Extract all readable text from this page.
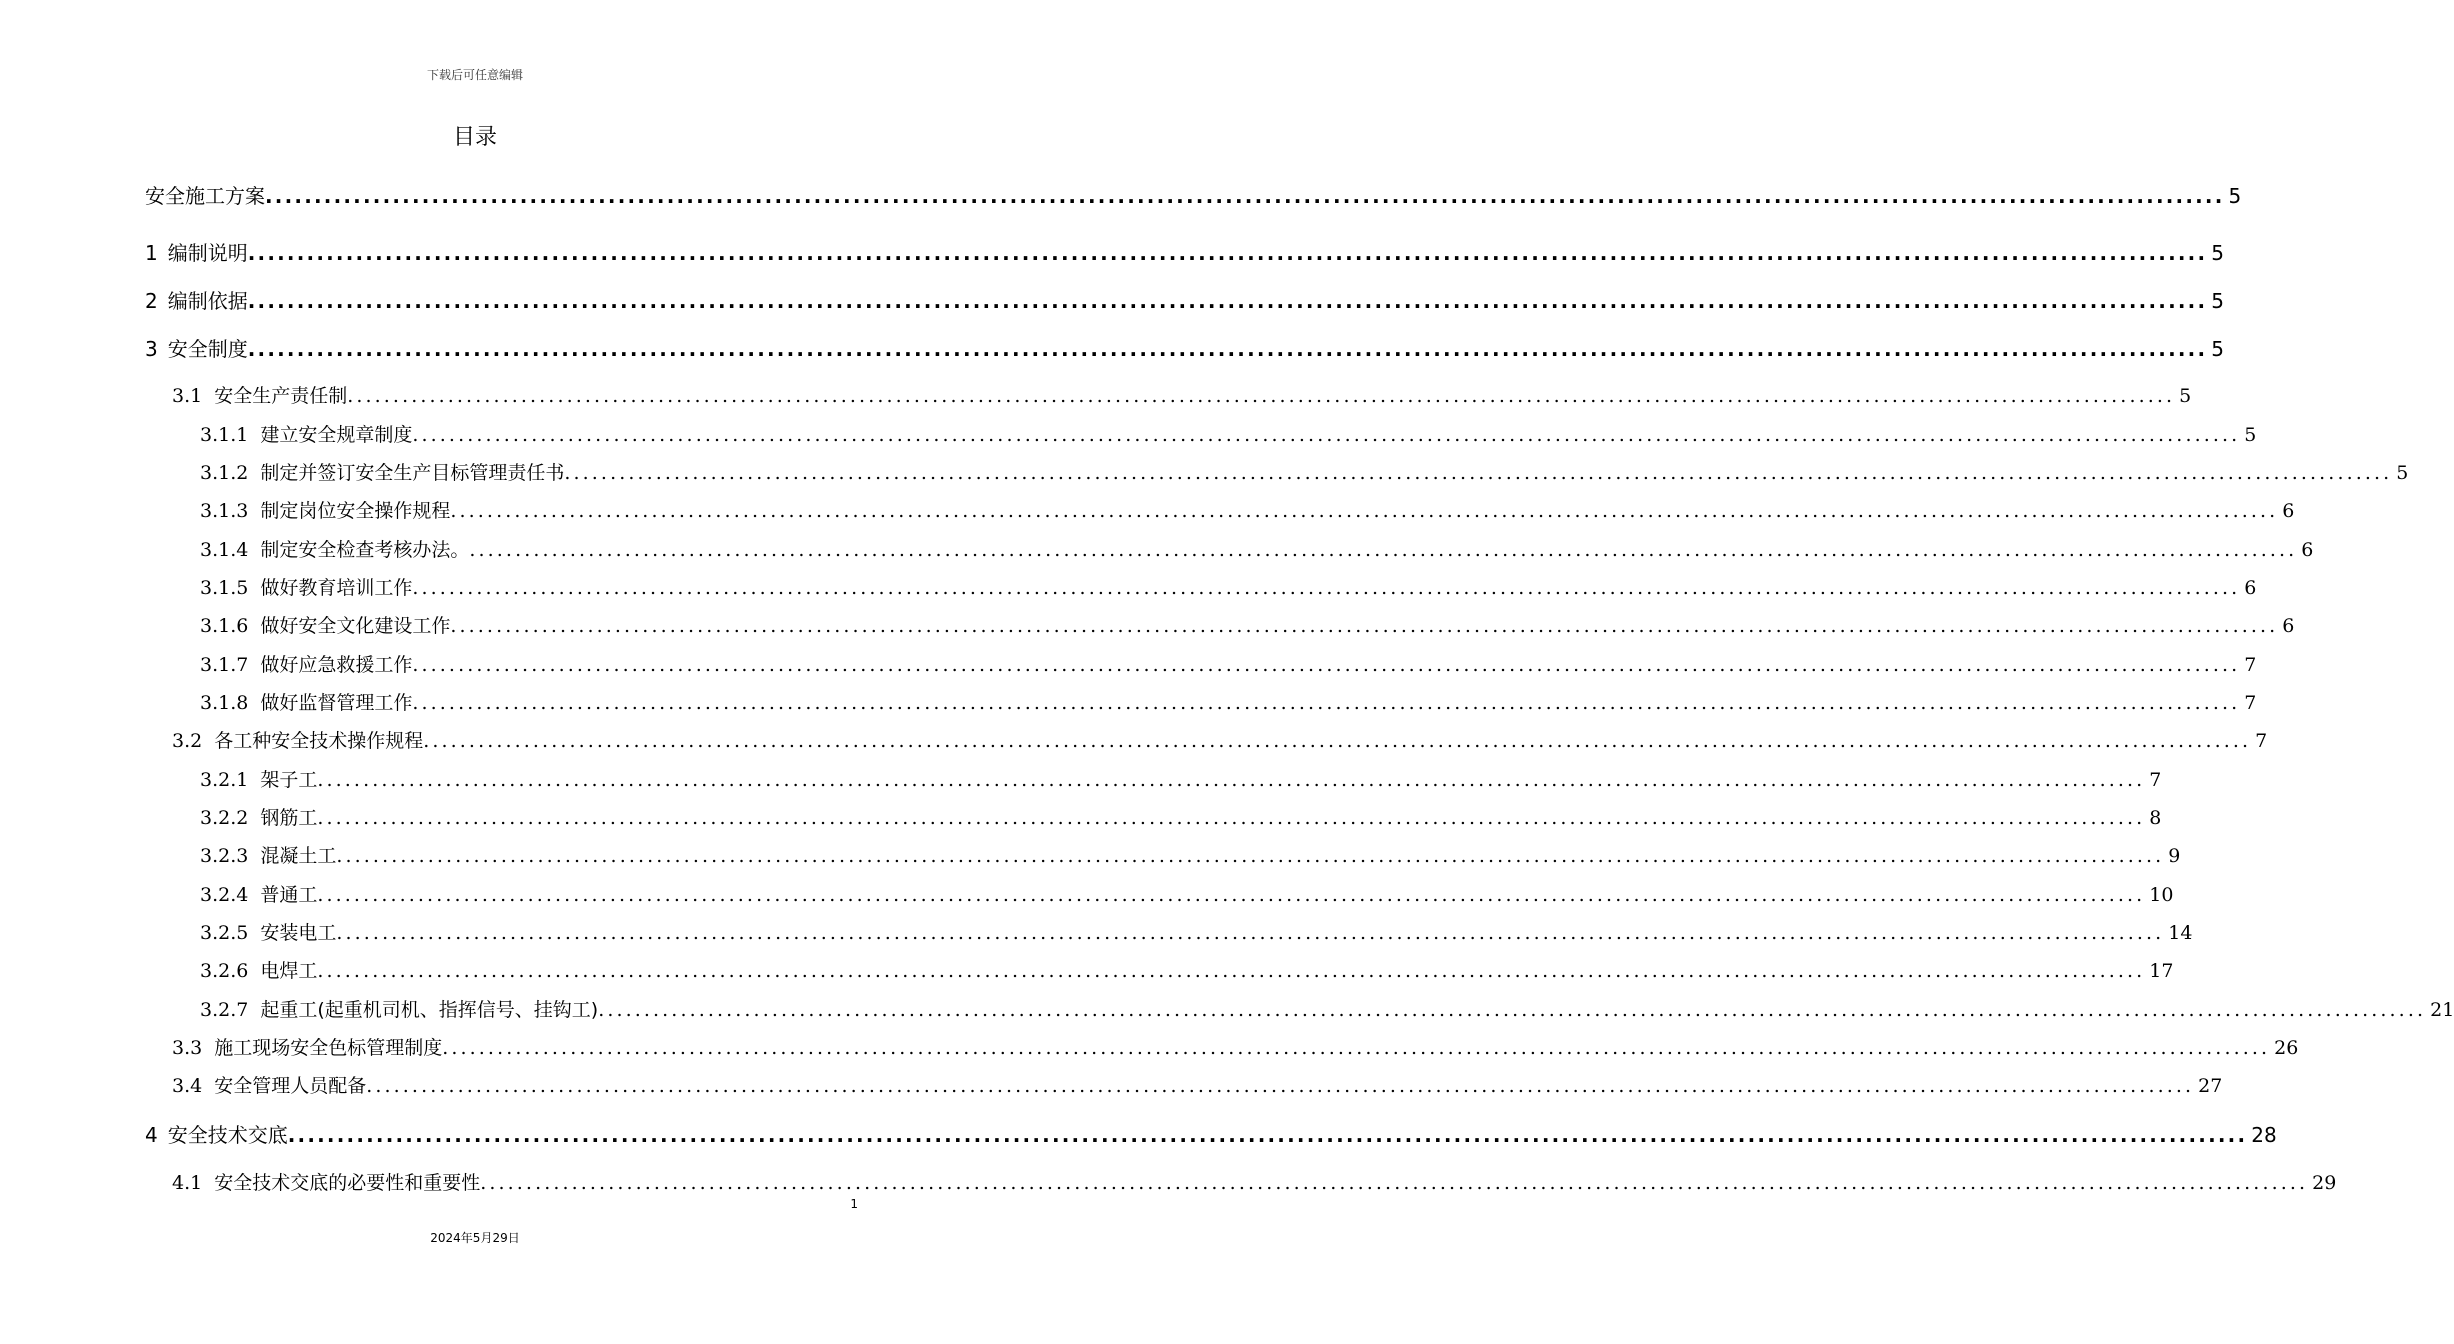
下载后可任意编辑
目录
安全施工方案 ........................................................................................................................................................................................................ 5
1 编制说明 ........................................................................................................................................................................................................ 5
2 编制依据 ........................................................................................................................................................................................................ 5
3 安全制度 ........................................................................................................................................................................................................ 5
3.1 安全生产责任制 ........................................................................................................................................................................................................ 5
3.1.1 建立安全规章制度 ........................................................................................................................................................................................................ 5
3.1.2 制定并签订安全生产目标管理责任书 ........................................................................................................................................................................................................ 5
3.1.3 制定岗位安全操作规程 ........................................................................................................................................................................................................ 6
3.1.4 制定安全检查考核办法。 ........................................................................................................................................................................................................ 6
3.1.5 做好教育培训工作 ........................................................................................................................................................................................................ 6
3.1.6 做好安全文化建设工作 ........................................................................................................................................................................................................ 6
3.1.7 做好应急救援工作 ........................................................................................................................................................................................................ 7
3.1.8 做好监督管理工作 ........................................................................................................................................................................................................ 7
3.2 各工种安全技术操作规程 ........................................................................................................................................................................................................ 7
3.2.1 架子工 ........................................................................................................................................................................................................ 7
3.2.2 钢筋工 ........................................................................................................................................................................................................ 8
3.2.3 混凝土工 ........................................................................................................................................................................................................ 9
3.2.4 普通工 ........................................................................................................................................................................................................ 10
3.2.5 安装电工 ........................................................................................................................................................................................................ 14
3.2.6 电焊工 ........................................................................................................................................................................................................ 17
3.2.7 起重工(起重机司机、指挥信号、挂钩工) ........................................................................................................................................................................................................ 21
3.3 施工现场安全色标管理制度 ........................................................................................................................................................................................................ 26
3.4 安全管理人员配备 ........................................................................................................................................................................................................ 27
4 安全技术交底 ........................................................................................................................................................................................................ 28
4.1 安全技术交底的必要性和重要性 ........................................................................................................................................................................................................ 29
1
2024年5月29日
